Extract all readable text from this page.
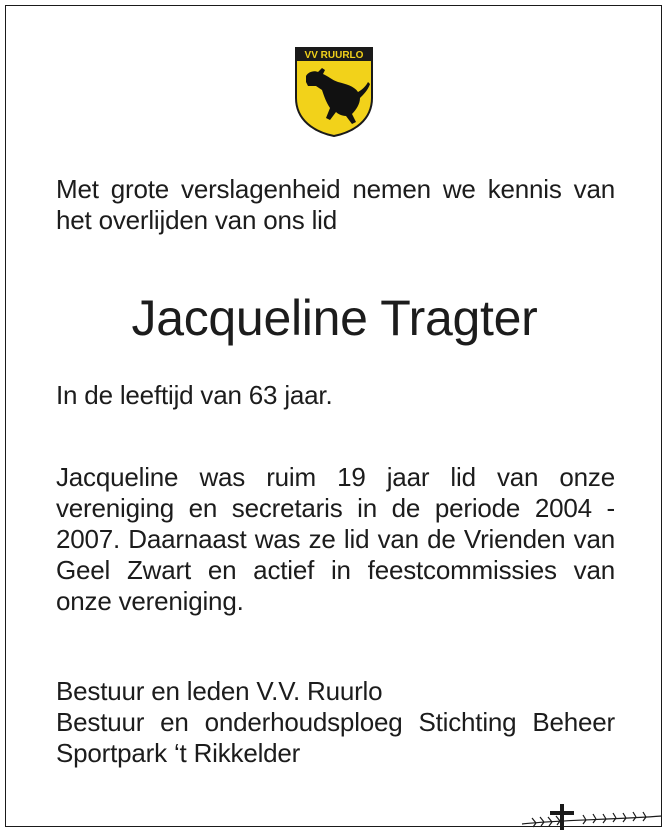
VV RUURLO
Met grote verslagenheid nemen we kennis van
het overlijden van ons lid
Jacqueline Tragter
In de leeftijd van 63 jaar.
Jacqueline was ruim 19 jaar lid van onze
vereniging en secretaris in de periode 2004 -
2007. Daarnaast was ze lid van de Vrienden van
Geel Zwart en actief in feestcommissies van
onze vereniging.
Bestuur en leden V.V. Ruurlo
Bestuur en onderhoudsploeg Stichting Beheer
Sportpark ‘t Rikkelder
